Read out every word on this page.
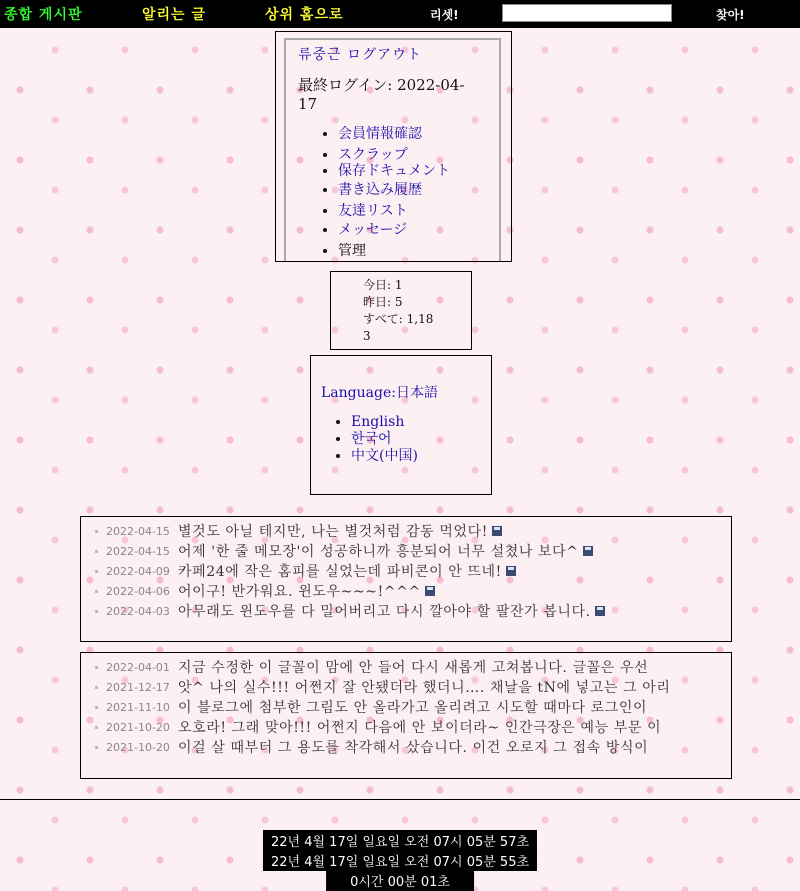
종합 게시판	알리는 글	상위 홈으로	리셋!	찾아!
류중근 ログアウト
最終ログイン: 2022-04-
17
• 会員情報確認
• スクラップ
• 保存ドキュメント
• 書き込み履歴
• 友達リスト
• メッセージ
• 管理
今日: 1
昨日: 5
すべて: 1,18
3
Language:日本語
• English
• 한국어
• 中文(中国)
2022-04-15 별것도 아닐 테지만, 나는 별것처럼 감동 먹었다!
2022-04-15 어제 '한 줄 메모장'이 성공하니까 흥분되어 너무 설쳤나 보다^
2022-04-09 카페24에 작은 홈피를 실었는데 파비콘이 안 뜨네!
2022-04-06 어이구! 반가워요. 윈도우~~~!^^^
2022-04-03 아무래도 윈도우를 다 밀어버리고 다시 깔아야 할 팔잔가 봅니다.
2022-04-01 지금 수정한 이 글꼴이 맘에 안 들어 다시 새롭게 고쳐봅니다. 글꼴은 우선
2021-12-17 앗^ 나의 실수!!! 어쩐지 잘 안됐더라 했더니…. 채날을 tN에 넣고는 그 아리
2021-11-10 이 블로그에 첨부한 그림도 안 올라가고 올리려고 시도할 때마다 로그인이
2021-10-20 오호라! 그래 맞아!!! 어쩐지 다음에 안 보이더라~ 인간극장은 예능 부문 이
2021-10-20 이걸 살 때부터 그 용도를 착각해서 샀습니다. 이건 오로지 그 접속 방식이
22년 4월 17일 일요일 오전 07시 05분 57초
22년 4월 17일 일요일 오전 07시 05분 55초
0시간 00분 01초
